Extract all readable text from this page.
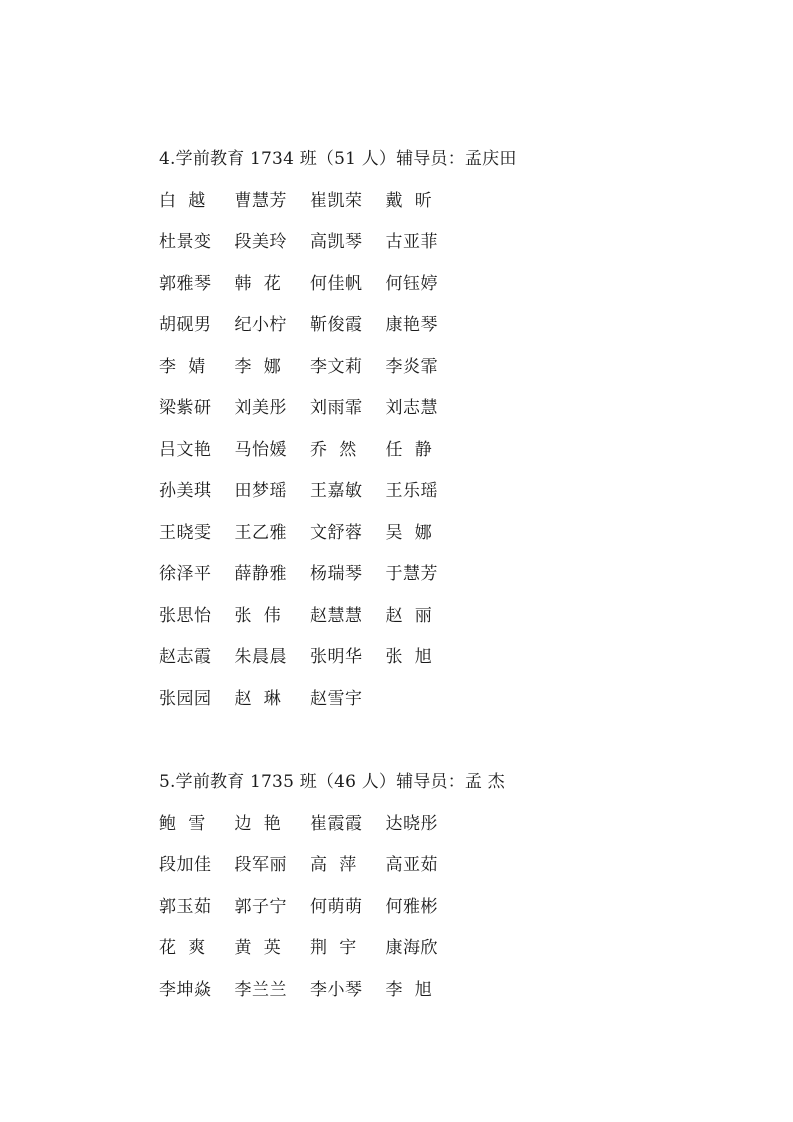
4.学前教育 1734 班（51 人）辅导员：孟庆田
白  越	曹慧芳	崔凯荣	戴  昕
杜景变	段美玲	高凯琴	古亚菲
郭雅琴	韩  花	何佳帆	何钰婷
胡砚男	纪小柠	靳俊霞	康艳琴
李  婧	李  娜	李文莉	李炎霏
梁紫研	刘美彤	刘雨霏	刘志慧
吕文艳	马怡媛	乔  然	任  静
孙美琪	田梦瑶	王嘉敏	王乐瑶
王晓雯	王乙雅	文舒蓉	吴  娜
徐泽平	薛静雅	杨瑞琴	于慧芳
张思怡	张  伟	赵慧慧	赵  丽
赵志霞	朱晨晨	张明华	张  旭
张园园	赵  琳	赵雪宇
5.学前教育 1735 班（46 人）辅导员：孟 杰
鲍  雪	边  艳	崔霞霞	达晓彤
段加佳	段军丽	高  萍	高亚茹
郭玉茹	郭子宁	何萌萌	何雅彬
花  爽	黄  英	荆  宇	康海欣
李坤焱	李兰兰	李小琴	李  旭
